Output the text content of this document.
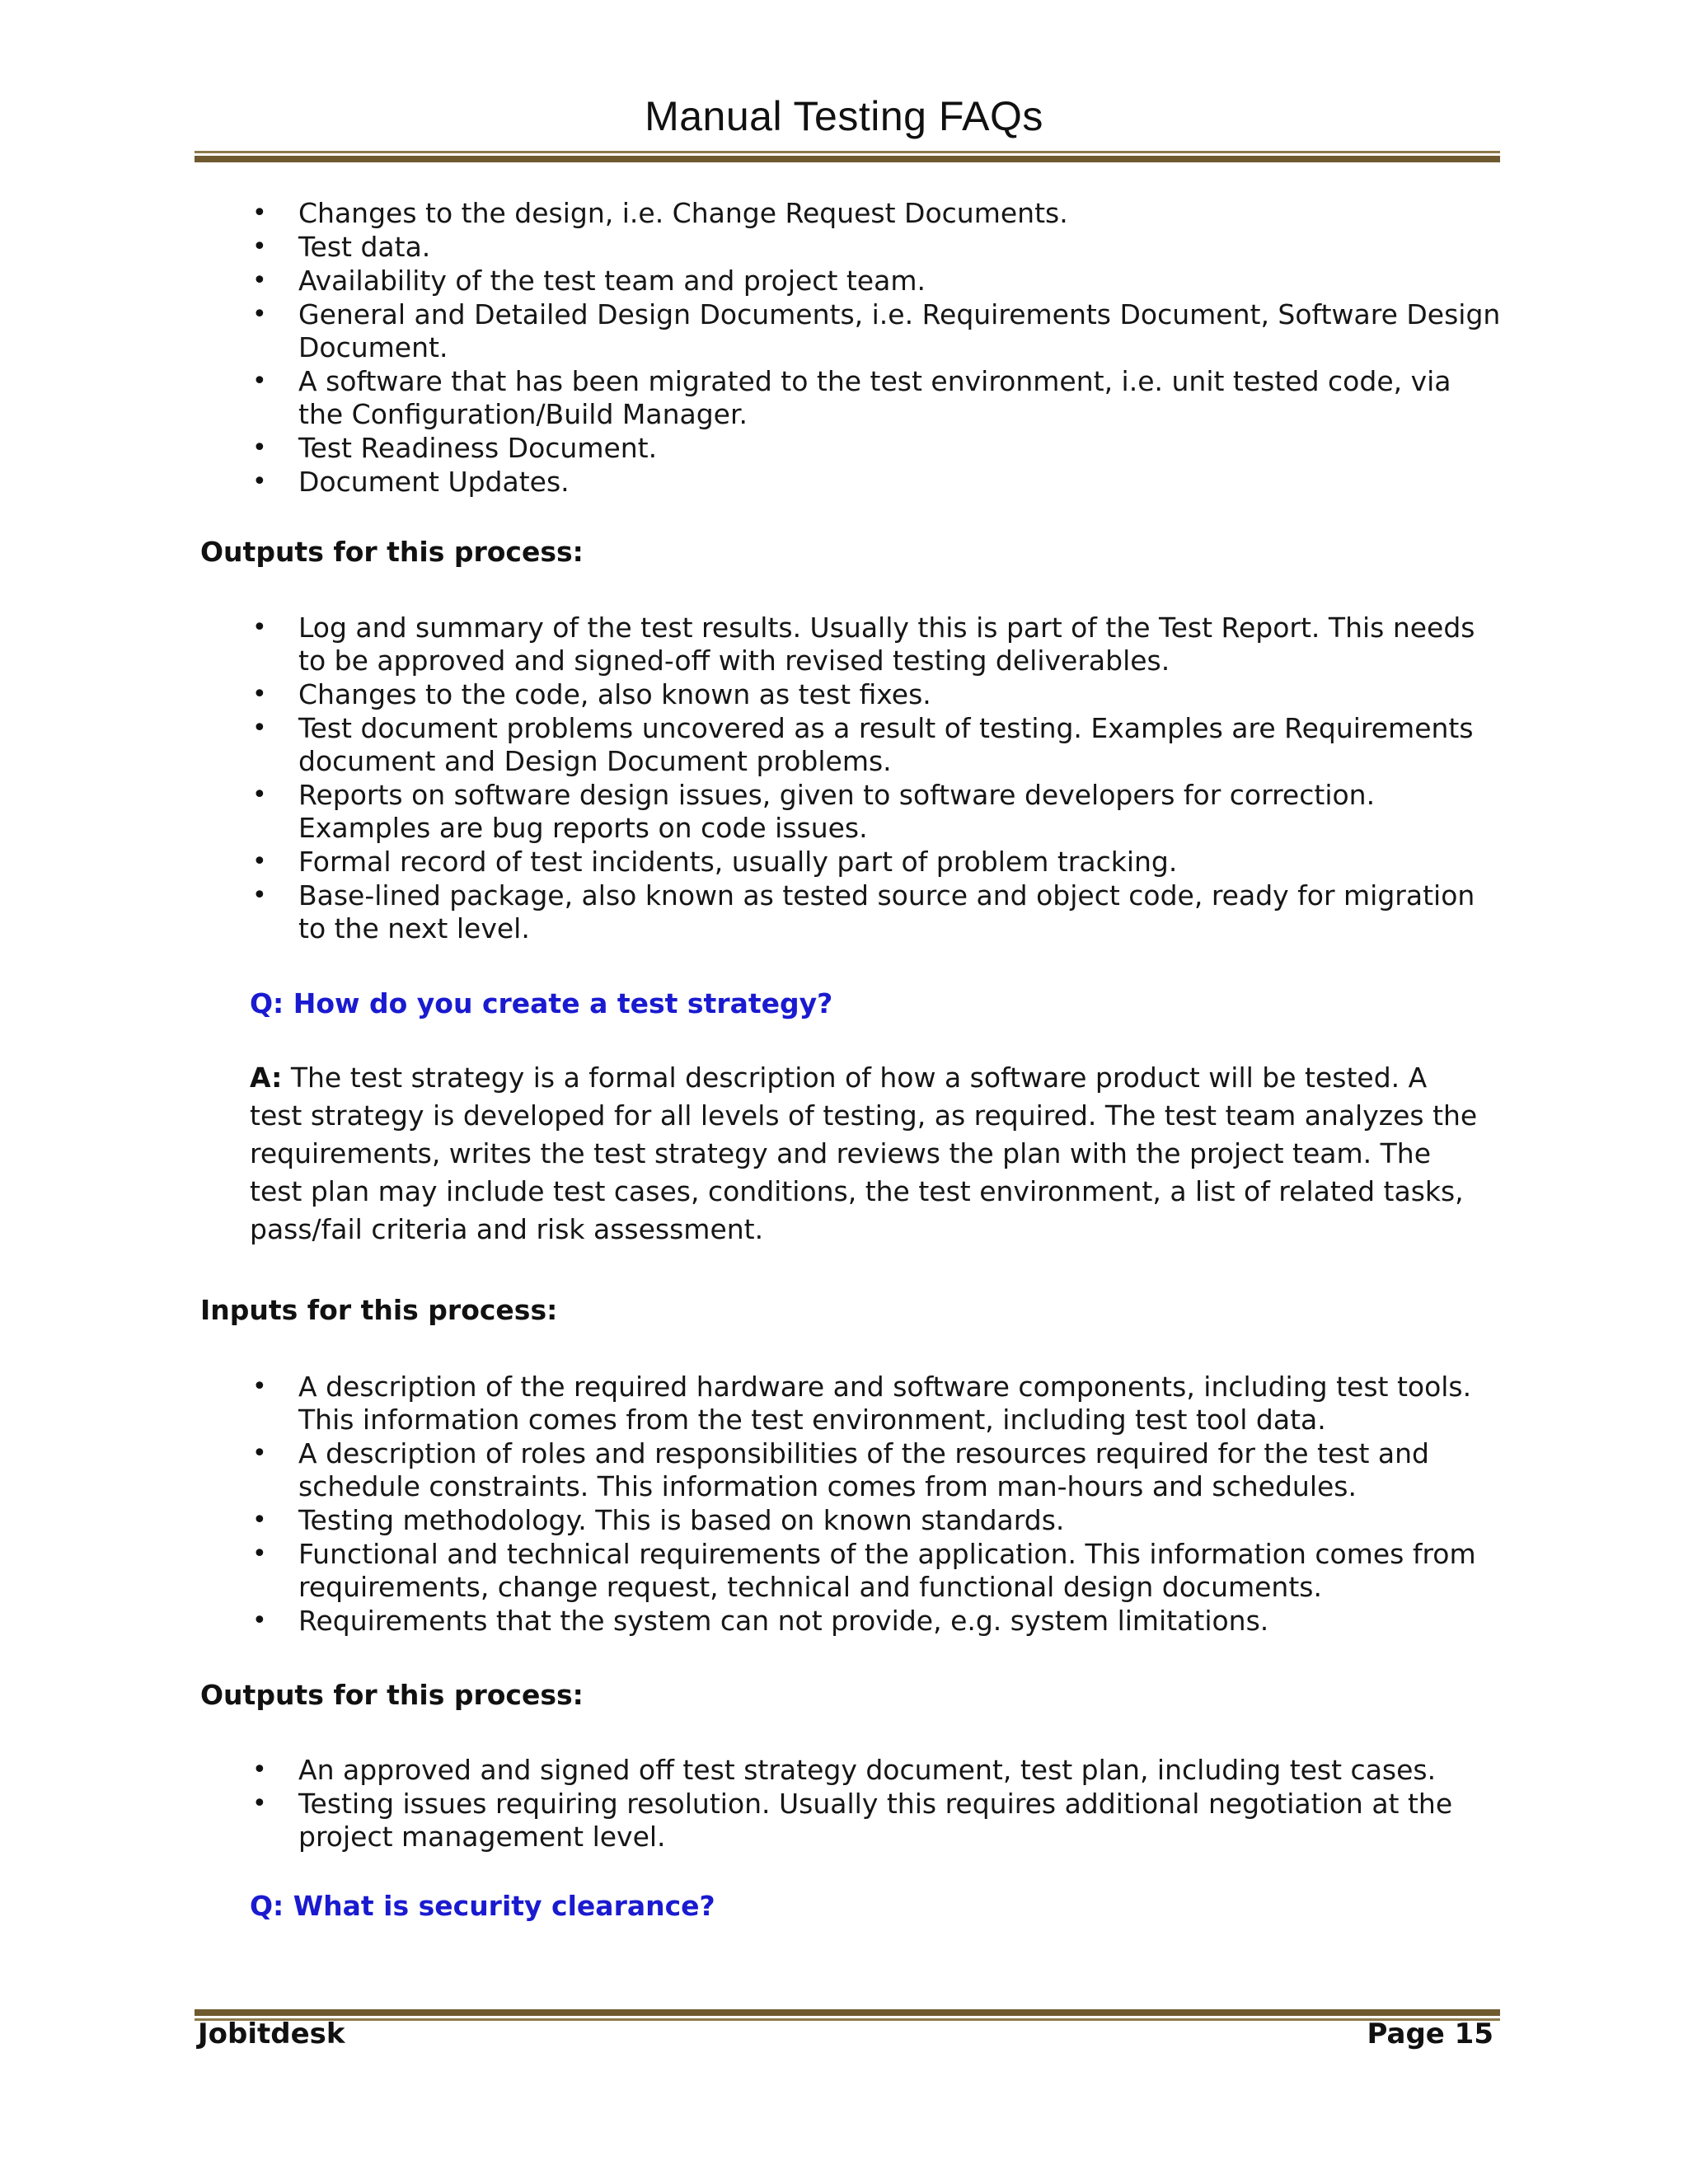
Manual Testing FAQs
• Changes to the design, i.e. Change Request Documents.
• Test data.
• Availability of the test team and project team.
• General and Detailed Design Documents, i.e. Requirements Document, Software Design Document.
• A software that has been migrated to the test environment, i.e. unit tested code, via the Configuration/Build Manager.
• Test Readiness Document.
• Document Updates.
Outputs for this process:
• Log and summary of the test results. Usually this is part of the Test Report. This needs to be approved and signed-off with revised testing deliverables.
• Changes to the code, also known as test fixes.
• Test document problems uncovered as a result of testing. Examples are Requirements document and Design Document problems.
• Reports on software design issues, given to software developers for correction. Examples are bug reports on code issues.
• Formal record of test incidents, usually part of problem tracking.
• Base-lined package, also known as tested source and object code, ready for migration to the next level.
Q: How do you create a test strategy?
A: The test strategy is a formal description of how a software product will be tested. A test strategy is developed for all levels of testing, as required. The test team analyzes the requirements, writes the test strategy and reviews the plan with the project team. The test plan may include test cases, conditions, the test environment, a list of related tasks, pass/fail criteria and risk assessment.
Inputs for this process:
• A description of the required hardware and software components, including test tools. This information comes from the test environment, including test tool data.
• A description of roles and responsibilities of the resources required for the test and schedule constraints. This information comes from man-hours and schedules.
• Testing methodology. This is based on known standards.
• Functional and technical requirements of the application. This information comes from requirements, change request, technical and functional design documents.
• Requirements that the system can not provide, e.g. system limitations.
Outputs for this process:
• An approved and signed off test strategy document, test plan, including test cases.
• Testing issues requiring resolution. Usually this requires additional negotiation at the project management level.
Q: What is security clearance?
Jobitdesk	Page 15
